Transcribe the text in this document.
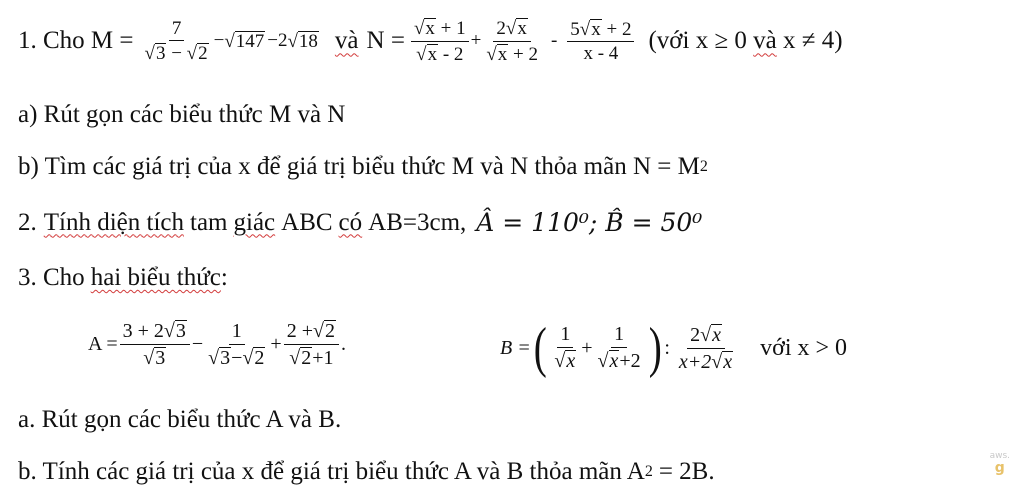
1. Cho $M = \frac{7}{√ 3 - √ 2}$ − √ 147 −2 √ 18 và $N = \frac{√ x + 1}{√ x - 2} + \frac{2 √ x}{√ x + 2} - \frac{5 √ x + 2}{x - 4}$ (với x ≥ 0 và x ≠ 4)
a) Rút gọn các biểu thức M và N
b) Tìm các giá trị của x để giá trị biểu thức M và N thỏa mãn N = M 2
2. Tính diện tích tam giác ABC có AB=3cm, Â = 110⁰; B̂ = 50⁰
3. Cho hai biểu thức :
$A = \frac{3 + 2 √ 3}{√ 3} - \frac{1}{√ 3 - √ 2} + \frac{2 + √ 2}{√ 2 +1}$ .	B = ( $\frac{1}{√ x} + \frac{1}{√ x +2}$ ) : $\frac{2 √ x}{x+2 √ x}$ với x > 0
a. Rút gọn các biểu thức A và B.
b. Tính các giá trị của x để giá trị biểu thức A và B thỏa mãn A 2 = 2B.
aws.
g
